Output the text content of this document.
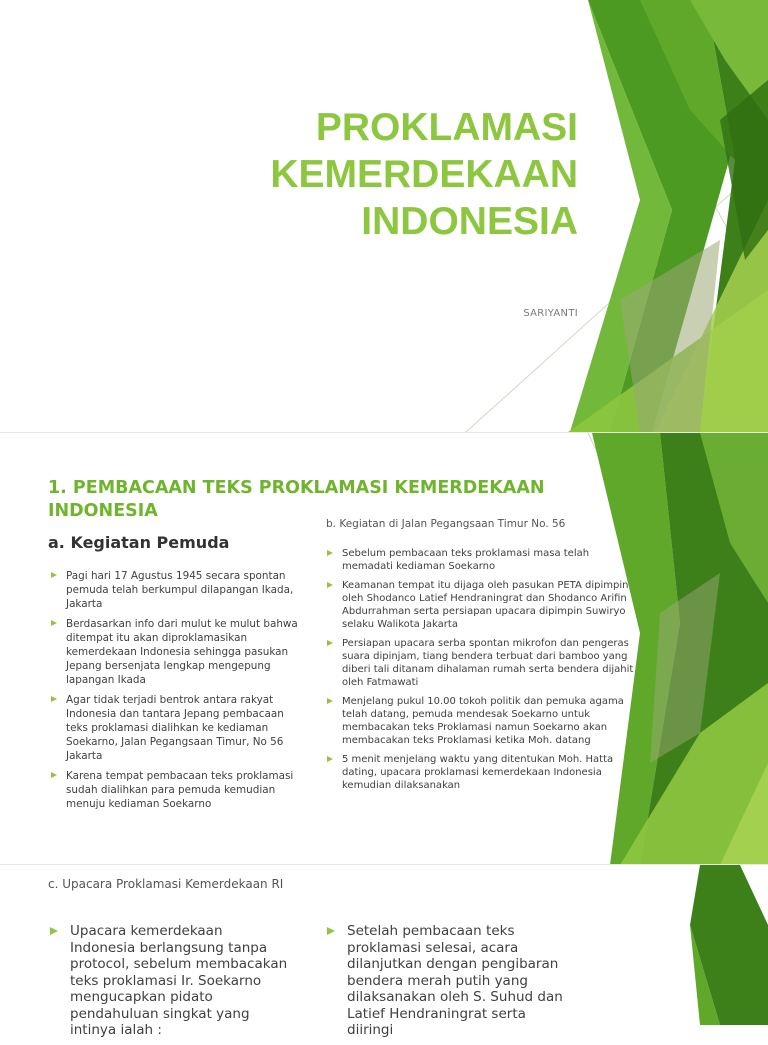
PROKLAMASI
KEMERDEKAAN
INDONESIA

SARIYANTI

1. PEMBACAAN TEKS PROKLAMASI KEMERDEKAAN INDONESIA
a. Kegiatan Pemuda
Pagi hari 17 Agustus 1945 secara spontan pemuda telah berkumpul dilapangan Ikada, Jakarta
Berdasarkan info dari mulut ke mulut bahwa ditempat itu akan diproklamasikan kemerdekaan Indonesia sehingga pasukan Jepang bersenjata lengkap mengepung lapangan Ikada
Agar tidak terjadi bentrok antara rakyat Indonesia dan tantara Jepang pembacaan teks proklamasi dialihkan ke kediaman Soekarno, Jalan Pegangsaan Timur, No 56 Jakarta
Karena tempat pembacaan teks proklamasi sudah dialihkan para pemuda kemudian menuju kediaman Soekarno

b. Kegiatan di Jalan Pegangsaan Timur No. 56

Sebelum pembacaan teks proklamasi masa telah memadati kediaman Soekarno
Keamanan tempat itu dijaga oleh pasukan PETA dipimpin oleh Shodanco Latief Hendraningrat dan Shodanco Arifin Abdurrahman serta persiapan upacara dipimpin Suwiryo selaku Walikota Jakarta
Persiapan upacara serba spontan mikrofon dan pengeras suara dipinjam, tiang bendera terbuat dari bamboo yang diberi tali ditanam dihalaman rumah serta bendera dijahit oleh Fatmawati
Menjelang pukul 10.00 tokoh politik dan pemuka agama telah datang, pemuda mendesak Soekarno untuk membacakan teks Proklamasi namun Soekarno akan membacakan teks Proklamasi ketika Moh. datang
5 menit menjelang waktu yang ditentukan Moh. Hatta dating, upacara proklamasi kemerdekaan Indonesia kemudian dilaksanakan

c. Upacara Proklamasi Kemerdekaan RI

Upacara kemerdekaan Indonesia berlangsung tanpa protocol, sebelum membacakan teks proklamasi Ir. Soekarno mengucapkan pidato pendahuluan singkat yang intinya ialah :
Setelah pembacaan teks proklamasi selesai, acara dilanjutkan dengan pengibaran bendera merah putih yang dilaksanakan oleh S. Suhud dan Latief Hendraningrat serta diiringi
